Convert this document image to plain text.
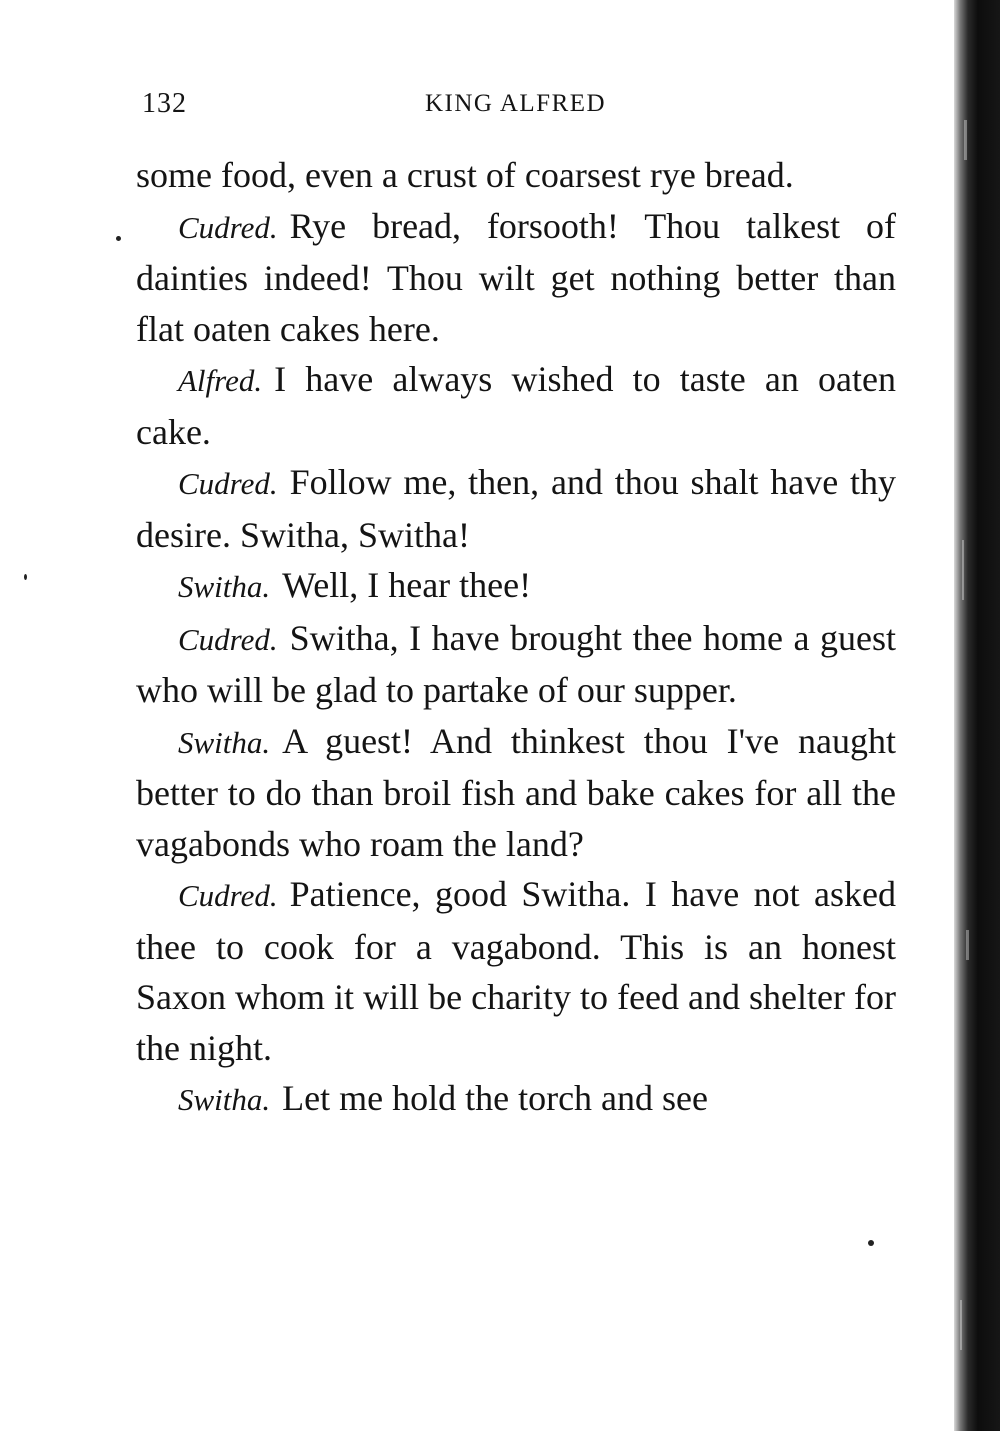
132	KING ALFRED

some food, even a crust of coarsest rye bread.

Cudred. Rye bread, forsooth! Thou talkest of dainties indeed! Thou wilt get nothing better than flat oaten cakes here.

Alfred. I have always wished to taste an oaten cake.

Cudred. Follow me, then, and thou shalt have thy desire. Switha, Switha!

Switha. Well, I hear thee!

Cudred. Switha, I have brought thee home a guest who will be glad to partake of our supper.

Switha. A guest! And thinkest thou I've naught better to do than broil fish and bake cakes for all the vagabonds who roam the land?

Cudred. Patience, good Switha. I have not asked thee to cook for a vagabond. This is an honest Saxon whom it will be charity to feed and shelter for the night.

Switha. Let me hold the torch and see
